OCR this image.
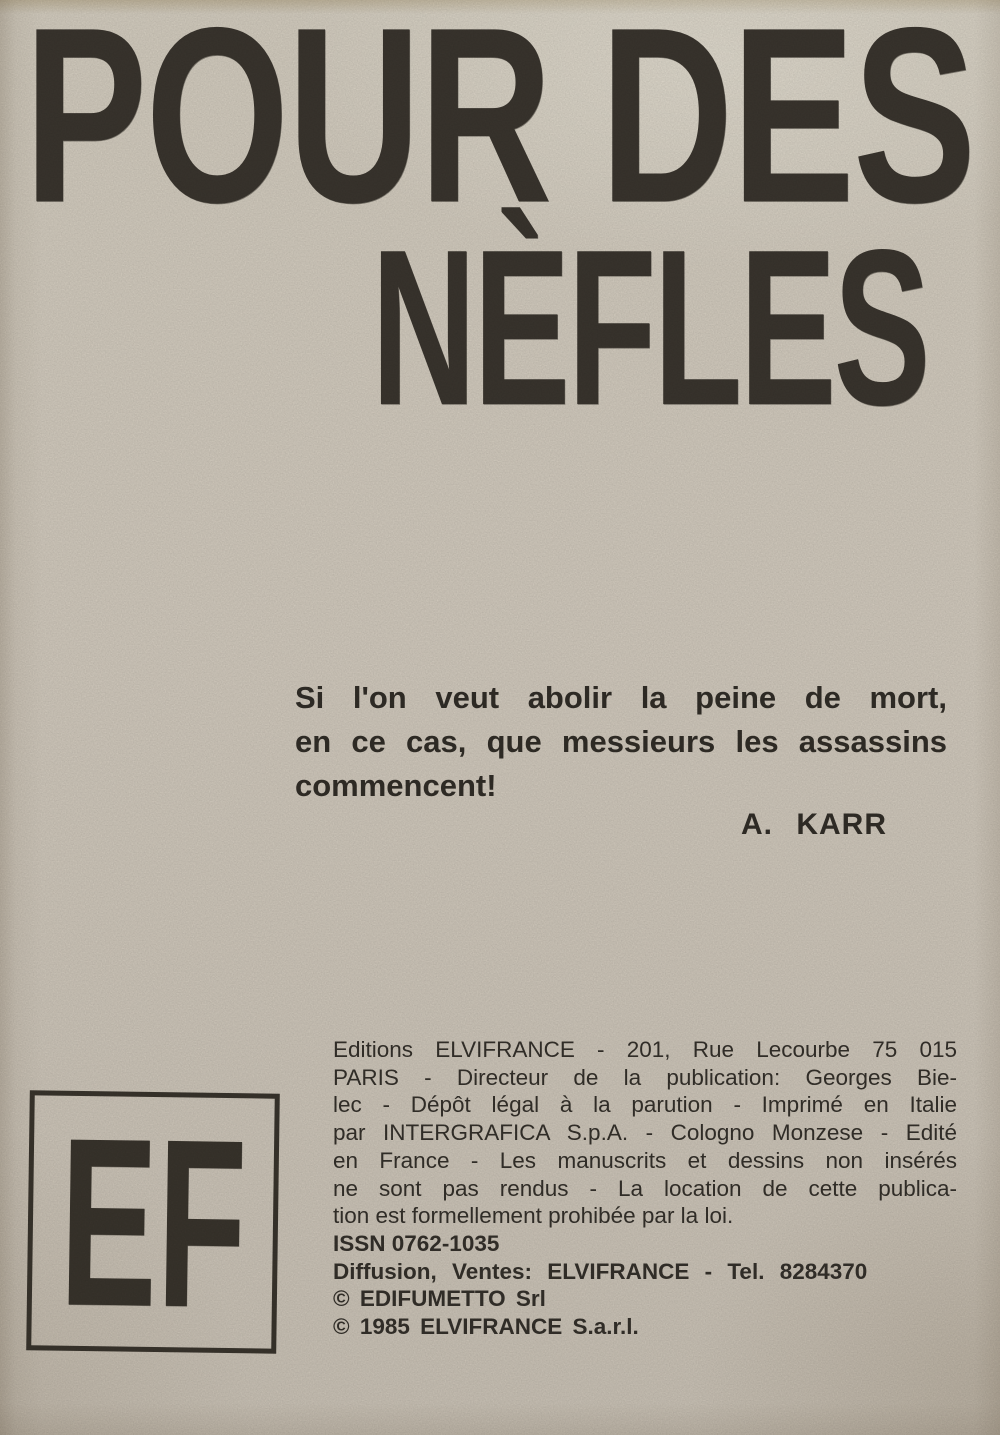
POUR DES
NÈFLES
Si l'on veut abolir la peine de mort,
en ce cas, que messieurs les assassins
commencent!
A. KARR
EF
Editions ELVIFRANCE - 201, Rue Lecourbe 75 015
PARIS - Directeur de la publication: Georges Bie-
lec - Dépôt légal à la parution - Imprimé en Italie
par INTERGRAFICA S.p.A. - Cologno Monzese - Edité
en France - Les manuscrits et dessins non insérés
ne sont pas rendus - La location de cette publica-
tion est formellement prohibée par la loi.
ISSN 0762-1035
Diffusion, Ventes: ELVIFRANCE - Tel. 8284370
© EDIFUMETTO Srl
© 1985 ELVIFRANCE S.a.r.l.
